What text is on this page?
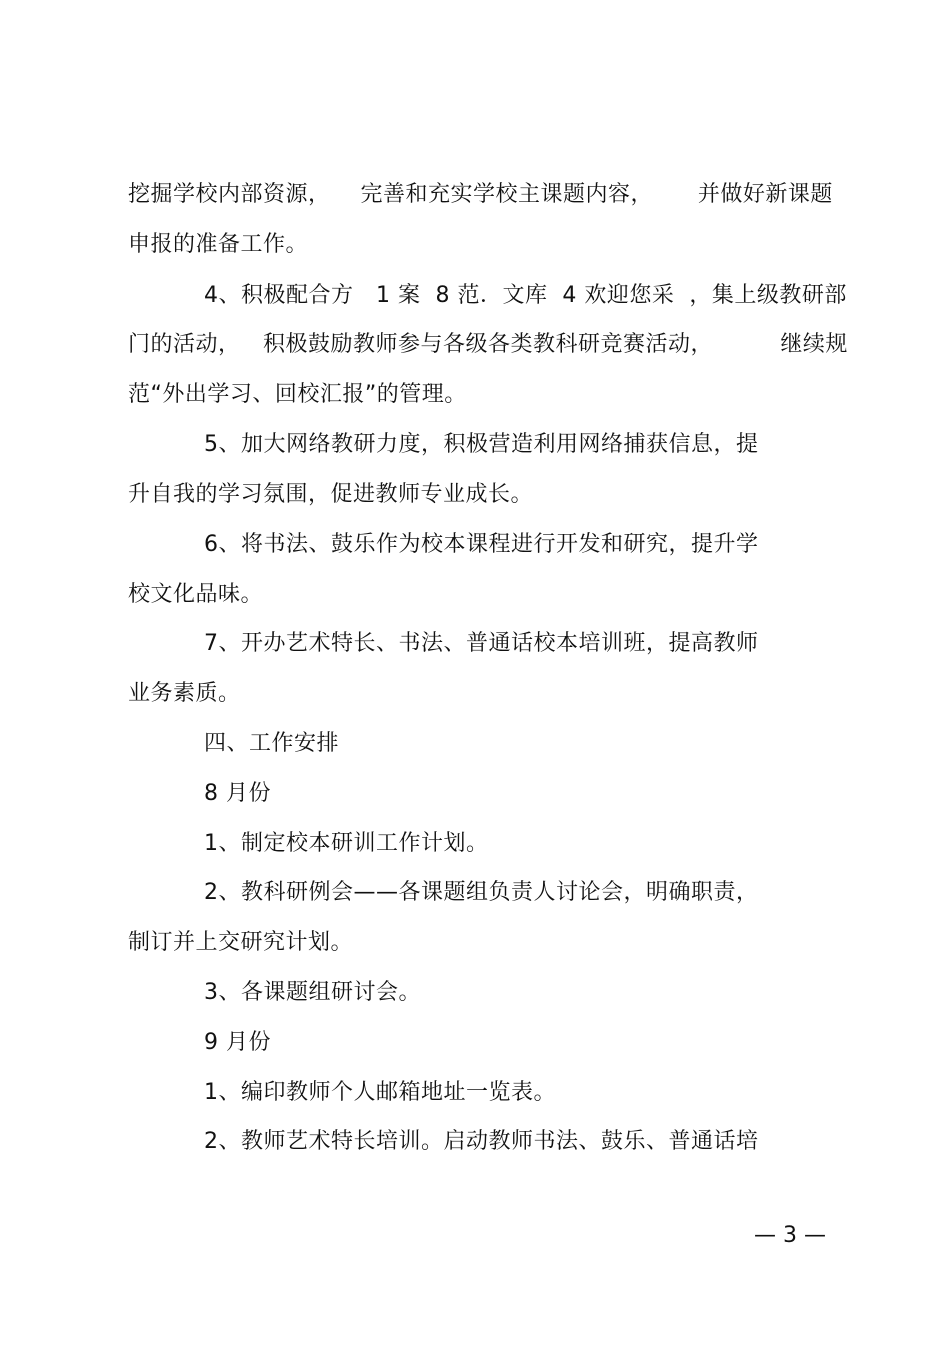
挖掘学校内部资源，    完善和充实学校主课题内容，      并做好新课题
申报的准备工作。
4、积极配合方   1 案  8 范．文库  4 欢迎您采  ，集上级教研部
门的活动，   积极鼓励教师参与各级各类教科研竞赛活动，         继续规
范“外出学习、回校汇报”的管理。
5、加大网络教研力度，积极营造利用网络捕获信息，提
升自我的学习氛围，促进教师专业成长。
6、将书法、鼓乐作为校本课程进行开发和研究，提升学
校文化品味。
7、开办艺术特长、书法、普通话校本培训班，提高教师
业务素质。
四、工作安排
8 月份
1、制定校本研训工作计划。
2、教科研例会——各课题组负责人讨论会，明确职责，
制订并上交研究计划。
3、各课题组研讨会。
9 月份
1、编印教师个人邮箱地址一览表。
2、教师艺术特长培训。启动教师书法、鼓乐、普通话培
— 3 —
